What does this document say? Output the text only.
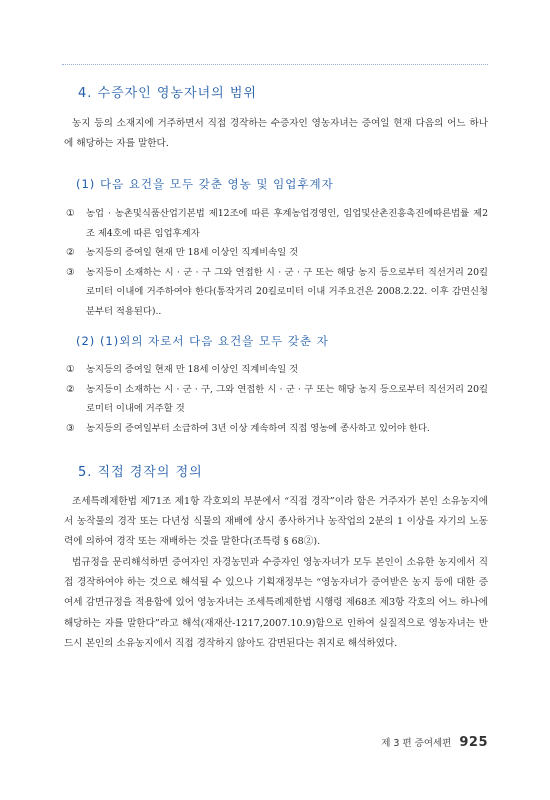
4. 수증자인 영농자녀의 범위

농지 등의 소재지에 거주하면서 직접 경작하는 수증자인 영농자녀는 증여일 현재 다음의 어느 하나에 해당하는 자를 말한다.

(1) 다음 요건을 모두 갖춘 영농 및 임업후계자
① 농업 · 농촌및식품산업기본법 제12조에 따른 후계농업경영인, 임업및산촌진흥촉진에따른법률 제2조 제4호에 따른 임업후계자
② 농지등의 증여일 현재 만 18세 이상인 직계비속일 것
③ 농지등이 소재하는 시 · 군 · 구 그와 연접한 시 · 군 · 구 또는 해당 농지 등으로부터 직선거리 20킬로미터 이내에 거주하여야 한다(통작거리 20킬로미터 이내 거주요건은 2008.2.22. 이후 감면신청분부터 적용된다)..
(2) (1)외의 자로서 다음 요건을 모두 갖춘 자
① 농지등의 증여일 현재 만 18세 이상인 직계비속일 것
② 농지등이 소재하는 시 · 군 · 구, 그와 연접한 시 · 군 · 구 또는 해당 농지 등으로부터 직선거리 20킬로미터 이내에 거주할 것
③ 농지등의 증여일부터 소급하여 3년 이상 계속하여 직접 영농에 종사하고 있어야 한다.
5. 직접 경작의 정의

조세특례제한법 제71조 제1항 각호외의 부분에서 “직접 경작”이라 함은 거주자가 본인 소유농지에서 농작물의 경작 또는 다년성 식물의 재배에 상시 종사하거나 농작업의 2분의 1 이상을 자기의 노동력에 의하여 경작 또는 재배하는 것을 말한다(조특령 § 68②).

법규정을 문리해석하면 증여자인 자경농민과 수증자인 영농자녀가 모두 본인이 소유한 농지에서 직접 경작하여야 하는 것으로 해석될 수 있으나 기획재정부는 “영농자녀가 증여받은 농지 등에 대한 증여세 감면규정을 적용함에 있어 영농자녀는 조세특례제한법 시행령 제68조 제3항 각호의 어느 하나에 해당하는 자를 말한다”라고 해석(재재산-1217,2007.10.9)함으로 인하여 실질적으로 영농자녀는 반드시 본인의 소유농지에서 직접 경작하지 않아도 감면된다는 취지로 해석하였다.

제 3 편 증여세편 925
